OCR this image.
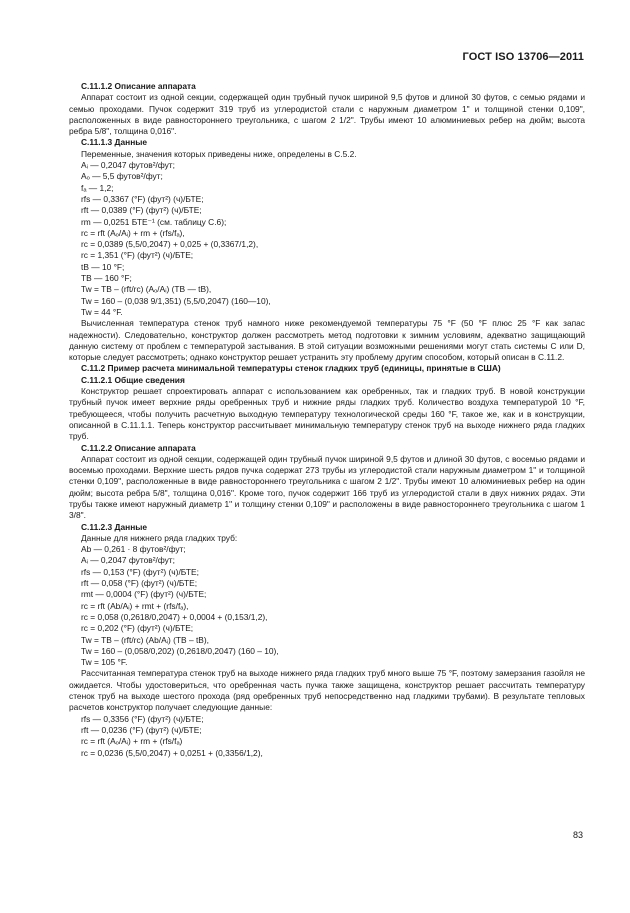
ГОСТ ISO 13706—2011

C.11.1.2 Описание аппарата

Аппарат состоит из одной секции, содержащей один трубный пучок шириной 9,5 футов и длиной 30 футов, с семью рядами и семью проходами. Пучок содержит 319 труб из углеродистой стали с наружным диаметром 1" и толщиной стенки 0,109", расположенных в виде равностороннего треугольника, с шагом 2 1/2". Трубы имеют 10 алюминиевых ребер на дюйм; высота ребра 5/8", толщина 0,016".

C.11.1.3 Данные

Переменные, значения которых приведены ниже, определены в С.5.2.

Aᵢ — 0,2047 футов²/фут;

Aₒ — 5,5 футов²/фут;

fₐ — 1,2;

rfs — 0,3367 (°F) (фут²) (ч)/БТЕ;

rft — 0,0389 (°F) (фут²) (ч)/БТЕ;

rm — 0,0251 БТЕ⁻¹ (см. таблицу С.6);

rc = rft (Aₒ/Aᵢ) + rm + (rfs/fₐ),

rc = 0,0389 (5,5/0,2047) + 0,025 + (0,3367/1,2),

rc = 1,351 (°F) (фут²) (ч)/БТЕ;

tB — 10 °F;

TB — 160 °F;

Tw = TB – (rft/rc) (Aₒ/Aᵢ) (TB — tB),

Tw = 160 – (0,038 9/1,351) (5,5/0,2047) (160—10),

Tw = 44 °F.

Вычисленная температура стенок труб намного ниже рекомендуемой температуры 75 °F (50 °F плюс 25 °F как запас надежности). Следовательно, конструктор должен рассмотреть метод подготовки к зимним условиям, адекватно защищающий данную систему от проблем с температурой застывания. В этой ситуации возможными решениями могут стать системы С или D, которые следует рассмотреть; однако конструктор решает устранить эту проблему другим способом, который описан в С.11.2.

C.11.2 Пример расчета минимальной температуры стенок гладких труб (единицы, принятые в США)

C.11.2.1 Общие сведения

Конструктор решает спроектировать аппарат с использованием как оребренных, так и гладких труб. В новой конструкции трубный пучок имеет верхние ряды оребренных труб и нижние ряды гладких труб. Количество воздуха температурой 10 °F, требующееся, чтобы получить расчетную выходную температуру технологической среды 160 °F, такое же, как и в конструкции, описанной в С.11.1.1. Теперь конструктор рассчитывает минимальную температуру стенок труб на выходе нижнего ряда гладких труб.

C.11.2.2 Описание аппарата

Аппарат состоит из одной секции, содержащей один трубный пучок шириной 9,5 футов и длиной 30 футов, с восемью рядами и восемью проходами. Верхние шесть рядов пучка содержат 273 трубы из углеродистой стали наружным диаметром 1" и толщиной стенки 0,109", расположенные в виде равностороннего треугольника с шагом 2 1/2". Трубы имеют 10 алюминиевых ребер на один дюйм; высота ребра 5/8", толщина 0,016". Кроме того, пучок содержит 166 труб из углеродистой стали в двух нижних рядах. Эти трубы также имеют наружный диаметр 1" и толщину стенки 0,109" и расположены в виде равностороннего треугольника с шагом 1 3/8".

C.11.2.3 Данные

Данные для нижнего ряда гладких труб:

Ab — 0,261 · 8 футов²/фут;

Aᵢ — 0,2047 футов²/фут;

rfs — 0,153 (°F) (фут²) (ч)/БТЕ;

rft — 0,058 (°F) (фут²) (ч)/БТЕ;

rmt — 0,0004 (°F) (фут²) (ч)/БТЕ;

rc = rft (Ab/Aᵢ) + rmt + (rfs/fₐ),

rc = 0,058 (0,2618/0,2047) + 0,0004 + (0,153/1,2),

rc = 0,202 (°F) (фут²) (ч)/БТЕ;

Tw = TB – (rft/rc) (Ab/Aᵢ) (TB – tB),

Tw = 160 – (0,058/0,202) (0,2618/0,2047) (160 – 10),

Tw = 105 °F.

Рассчитанная температура стенок труб на выходе нижнего ряда гладких труб много выше 75 °F, поэтому замерзания газойля не ожидается. Чтобы удостовериться, что оребренная часть пучка также защищена, конструктор решает рассчитать температуру стенок труб на выходе шестого прохода (ряд оребренных труб непосредственно над гладкими трубами). В результате тепловых расчетов конструктор получает следующие данные:

rfs — 0,3356 (°F) (фут²) (ч)/БТЕ;

rft — 0,0236 (°F) (фут²) (ч)/БТЕ;

rc = rft (Aₒ/Aᵢ) + rm + (rfs/fₐ)

rc = 0,0236 (5,5/0,2047) + 0,0251 + (0,3356/1,2),

83
